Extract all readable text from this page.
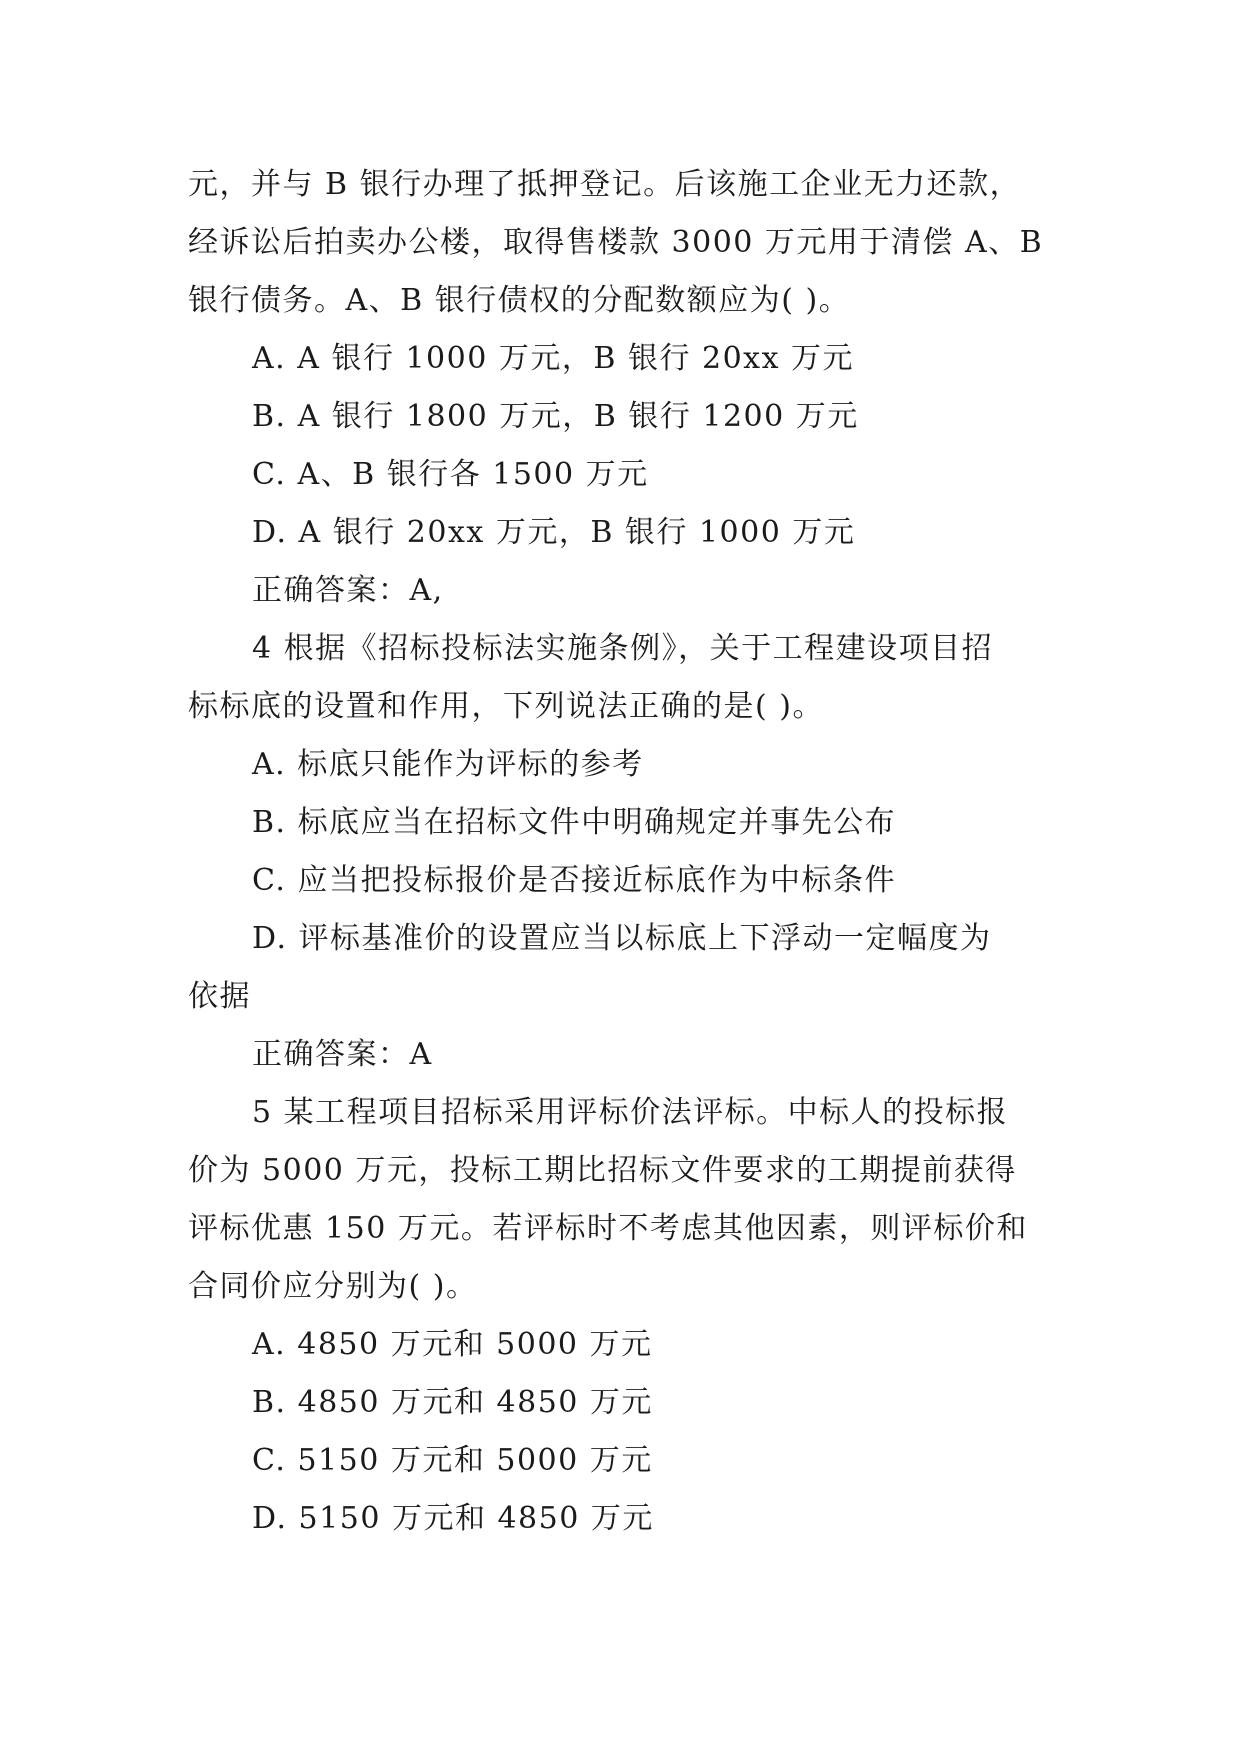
元，并与 B 银行办理了抵押登记。后该施工企业无力还款，
经诉讼后拍卖办公楼，取得售楼款 3000 万元用于清偿 A、B
银行债务。A、B 银行债权的分配数额应为( )。
A. A 银行 1000 万元，B 银行 20xx 万元
B. A 银行 1800 万元，B 银行 1200 万元
C. A、B 银行各 1500 万元
D. A 银行 20xx 万元，B 银行 1000 万元
正确答案：A,
4 根据《招标投标法实施条例》，关于工程建设项目招
标标底的设置和作用，下列说法正确的是( )。
A. 标底只能作为评标的参考
B. 标底应当在招标文件中明确规定并事先公布
C. 应当把投标报价是否接近标底作为中标条件
D. 评标基准价的设置应当以标底上下浮动一定幅度为
依据
正确答案：A
5 某工程项目招标采用评标价法评标。中标人的投标报
价为 5000 万元，投标工期比招标文件要求的工期提前获得
评标优惠 150 万元。若评标时不考虑其他因素，则评标价和
合同价应分别为( )。
A. 4850 万元和 5000 万元
B. 4850 万元和 4850 万元
C. 5150 万元和 5000 万元
D. 5150 万元和 4850 万元
